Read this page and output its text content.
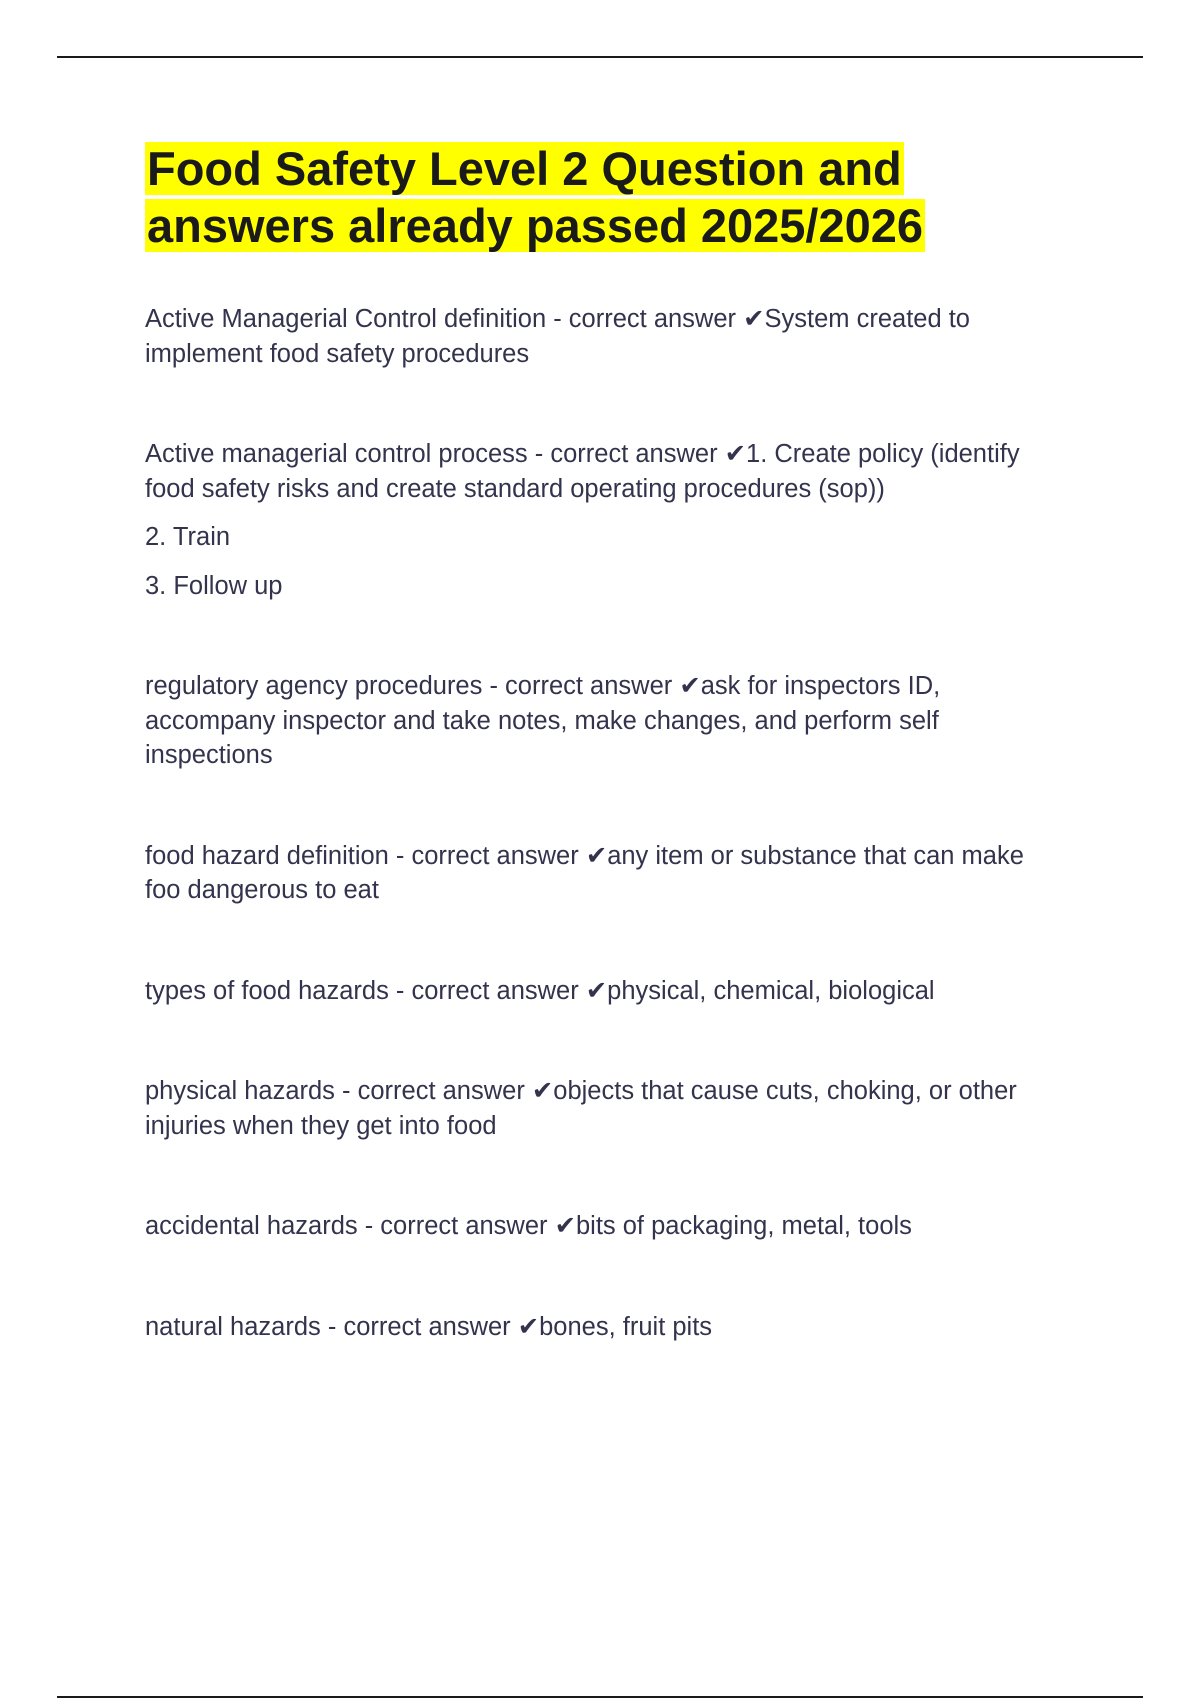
Food Safety Level 2 Question and answers already passed 2025/2026

Active Managerial Control definition - correct answer ✔System created to implement food safety procedures

Active managerial control process - correct answer ✔1. Create policy (identify food safety risks and create standard operating procedures (sop))

2. Train

3. Follow up

regulatory agency procedures - correct answer ✔ask for inspectors ID, accompany inspector and take notes, make changes, and perform self inspections

food hazard definition - correct answer ✔any item or substance that can make foo dangerous to eat

types of food hazards - correct answer ✔physical, chemical, biological

physical hazards - correct answer ✔objects that cause cuts, choking, or other injuries when they get into food

accidental hazards - correct answer ✔bits of packaging, metal, tools

natural hazards - correct answer ✔bones, fruit pits
